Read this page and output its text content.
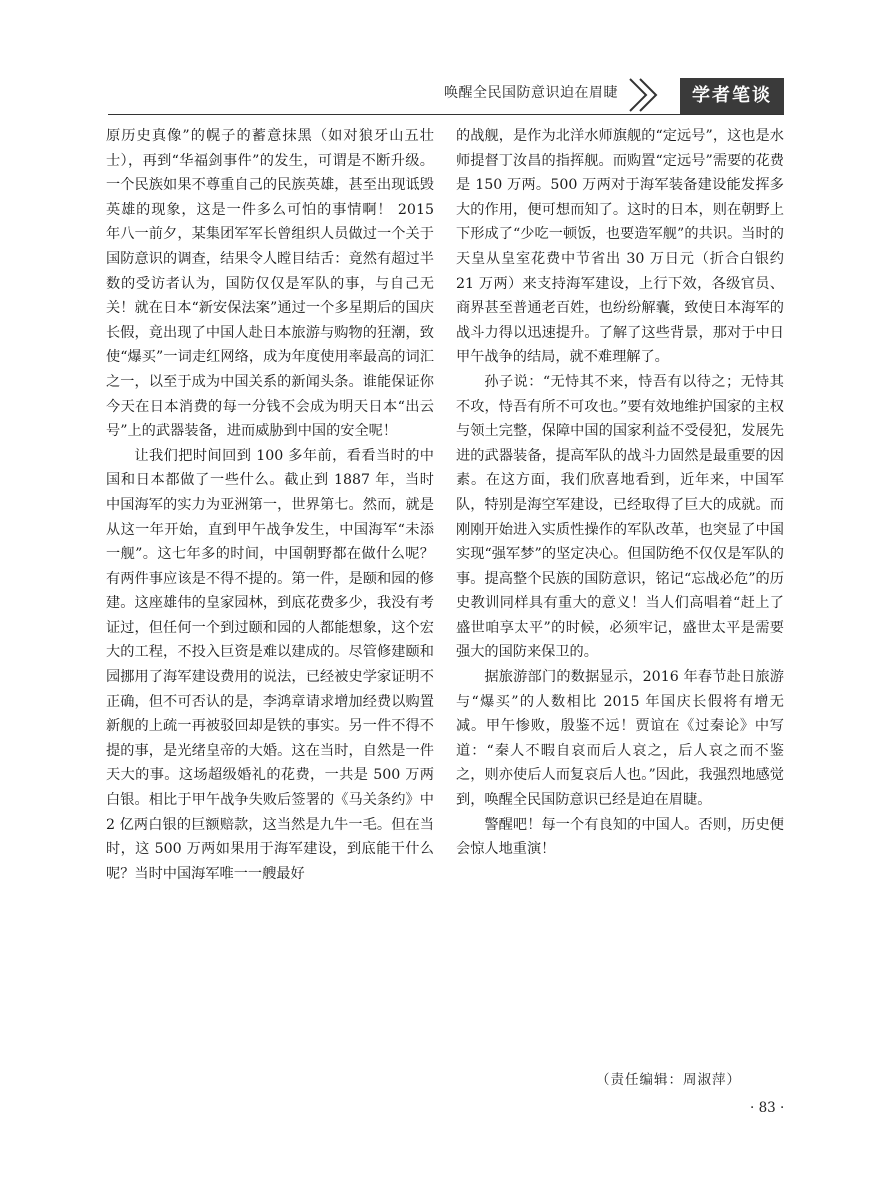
唤醒全民国防意识迫在眉睫	学者笔谈

原历史真像”的幌子的蓄意抹黑（如对狼牙山五壮士），再到“华福剑事件”的发生，可谓是不断升级。一个民族如果不尊重自己的民族英雄，甚至出现诋毁英雄的现象，这是一件多么可怕的事情啊！ 2015 年八一前夕，某集团军军长曾组织人员做过一个关于国防意识的调查，结果令人瞠目结舌：竟然有超过半数的受访者认为，国防仅仅是军队的事，与自己无关！就在日本“新安保法案”通过一个多星期后的国庆长假，竟出现了中国人赴日本旅游与购物的狂潮，致使“爆买”一词走红网络，成为年度使用率最高的词汇之一，以至于成为中国关系的新闻头条。谁能保证你今天在日本消费的每一分钱不会成为明天日本“出云号”上的武器装备，进而威胁到中国的安全呢！

让我们把时间回到 100 多年前，看看当时的中国和日本都做了一些什么。截止到 1887 年，当时中国海军的实力为亚洲第一，世界第七。然而，就是从这一年开始，直到甲午战争发生，中国海军“未添一舰”。这七年多的时间，中国朝野都在做什么呢？有两件事应该是不得不提的。第一件，是颐和园的修建。这座雄伟的皇家园林，到底花费多少，我没有考证过，但任何一个到过颐和园的人都能想象，这个宏大的工程，不投入巨资是难以建成的。尽管修建颐和园挪用了海军建设费用的说法，已经被史学家证明不正确，但不可否认的是，李鸿章请求增加经费以购置新舰的上疏一再被驳回却是铁的事实。另一件不得不提的事，是光绪皇帝的大婚。这在当时，自然是一件天大的事。这场超级婚礼的花费，一共是 500 万两白银。相比于甲午战争失败后签署的《马关条约》中 2 亿两白银的巨额赔款，这当然是九牛一毛。但在当时，这 500 万两如果用于海军建设，到底能干什么呢？当时中国海军唯一一艘最好

的战舰，是作为北洋水师旗舰的“定远号”，这也是水师提督丁汝昌的指挥舰。而购置“定远号”需要的花费是 150 万两。500 万两对于海军装备建设能发挥多大的作用，便可想而知了。这时的日本，则在朝野上下形成了“少吃一顿饭，也要造军舰”的共识。当时的天皇从皇室花费中节省出 30 万日元（折合白银约 21 万两）来支持海军建设，上行下效，各级官员、商界甚至普通老百姓，也纷纷解囊，致使日本海军的战斗力得以迅速提升。了解了这些背景，那对于中日甲午战争的结局，就不难理解了。

孙子说：“无恃其不来，恃吾有以待之；无恃其不攻，恃吾有所不可攻也。”要有效地维护国家的主权与领土完整，保障中国的国家利益不受侵犯，发展先进的武器装备，提高军队的战斗力固然是最重要的因素。在这方面，我们欣喜地看到，近年来，中国军队，特别是海空军建设，已经取得了巨大的成就。而刚刚开始进入实质性操作的军队改革，也突显了中国实现“强军梦”的坚定决心。但国防绝不仅仅是军队的事。提高整个民族的国防意识，铭记“忘战必危”的历史教训同样具有重大的意义！当人们高唱着“赶上了盛世咱享太平”的时候，必须牢记，盛世太平是需要强大的国防来保卫的。

据旅游部门的数据显示，2016 年春节赴日旅游与“爆买”的人数相比 2015 年国庆长假将有增无减。甲午惨败，殷鉴不远！贾谊在《过秦论》中写道：“秦人不暇自哀而后人哀之，后人哀之而不鉴之，则亦使后人而复哀后人也。”因此，我强烈地感觉到，唤醒全民国防意识已经是迫在眉睫。

警醒吧！每一个有良知的中国人。否则，历史便会惊人地重演！

（责任编辑：周淑萍）
· 83 ·
